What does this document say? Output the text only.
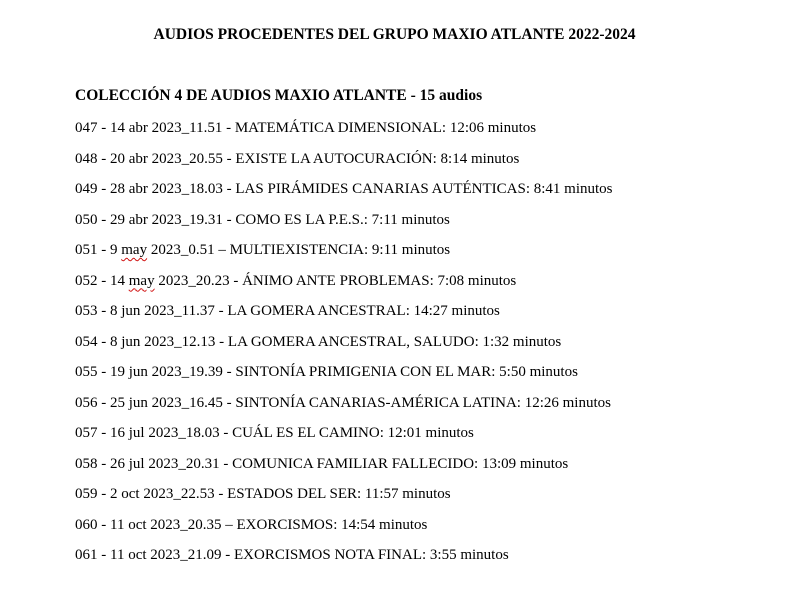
AUDIOS PROCEDENTES DEL GRUPO MAXIO ATLANTE 2022-2024
COLECCIÓN 4 DE AUDIOS MAXIO ATLANTE - 15 audios
047 - 14 abr 2023_11.51 - MATEMÁTICA DIMENSIONAL: 12:06 minutos
048 - 20 abr 2023_20.55 - EXISTE LA AUTOCURACIÓN: 8:14 minutos
049 - 28 abr 2023_18.03 - LAS PIRÁMIDES CANARIAS AUTÉNTICAS: 8:41 minutos
050 - 29 abr 2023_19.31 - COMO ES LA P.E.S.: 7:11 minutos
051 - 9 may 2023_0.51 – MULTIEXISTENCIA: 9:11 minutos
052 - 14 may 2023_20.23 - ÁNIMO ANTE PROBLEMAS: 7:08 minutos
053 - 8 jun 2023_11.37 - LA GOMERA ANCESTRAL: 14:27 minutos
054 - 8 jun 2023_12.13 - LA GOMERA ANCESTRAL, SALUDO: 1:32 minutos
055 - 19 jun 2023_19.39 - SINTONÍA PRIMIGENIA CON EL MAR: 5:50 minutos
056 - 25 jun 2023_16.45 - SINTONÍA CANARIAS-AMÉRICA LATINA: 12:26 minutos
057 - 16 jul 2023_18.03 - CUÁL ES EL CAMINO: 12:01 minutos
058 - 26 jul 2023_20.31 - COMUNICA FAMILIAR FALLECIDO: 13:09 minutos
059 - 2 oct 2023_22.53 - ESTADOS DEL SER: 11:57 minutos
060 - 11 oct 2023_20.35 – EXORCISMOS: 14:54 minutos
061 - 11 oct 2023_21.09 - EXORCISMOS NOTA FINAL: 3:55 minutos
